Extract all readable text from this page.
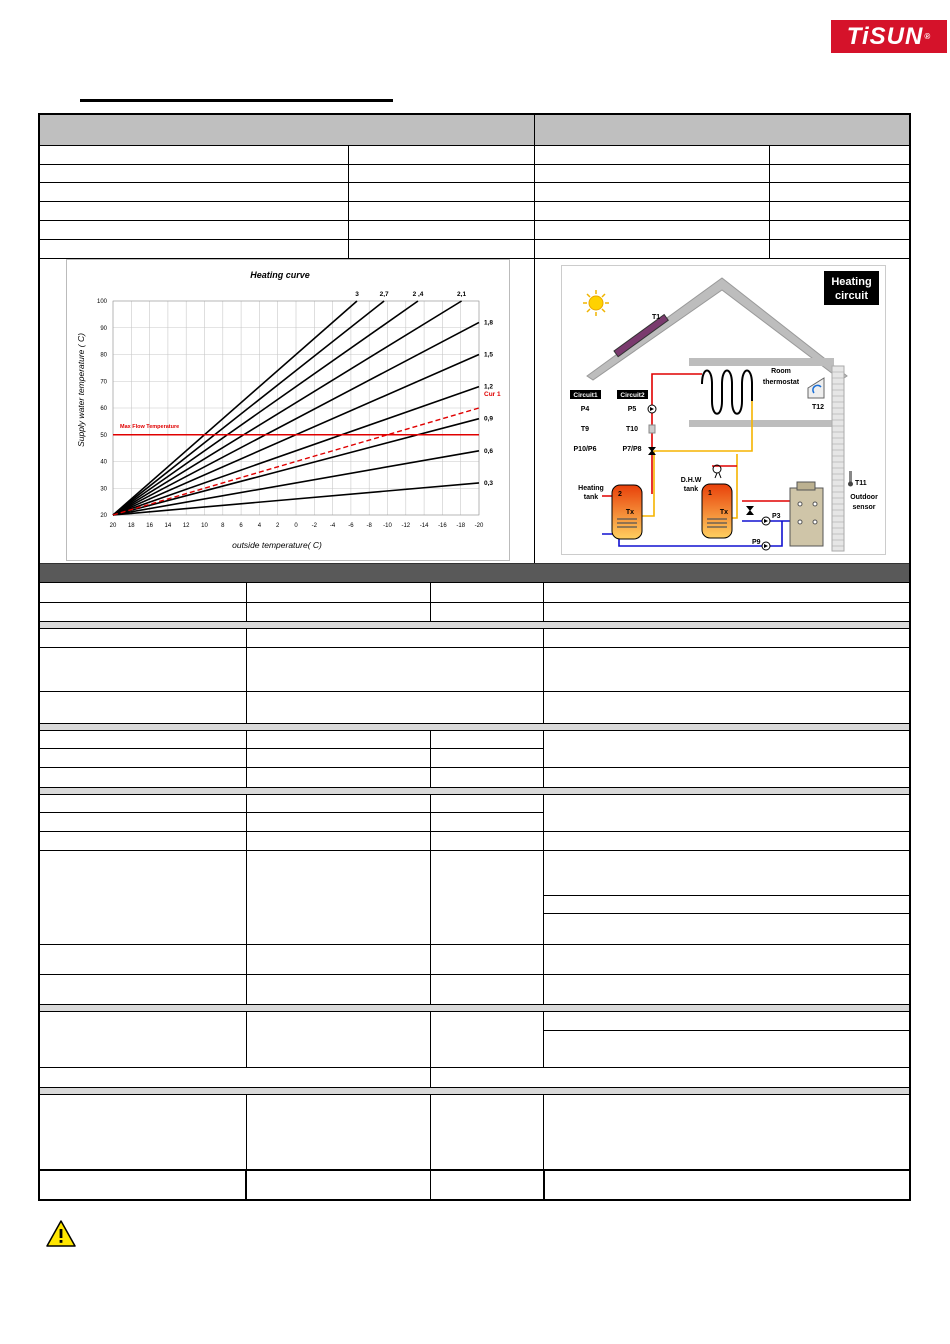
TiSUN®
Heating curve
20 18 16 14 12 10 8 6 4 2 0 -2 -4 -6 -8 -10 -12 -14 -16 -18 -20
20
30
40
50
60
70
80
90
100
3	2,7	2 ,4	2,1
1,8
1,5
1,2
0,9
0,6
0,3
Cur 1
Max Flow Temperature
outside temperature( C)
Supply water temperature ( C)
Heating
circuit
T1
Room
thermostat
T12
Circuit1	Circuit2
P4	P5
T9	T10
P10/P6	P7/P8
P3
P9
Heating
tank	2
Tx
D.H.W
tank
1
Tx
T11
Outdoor
sensor
